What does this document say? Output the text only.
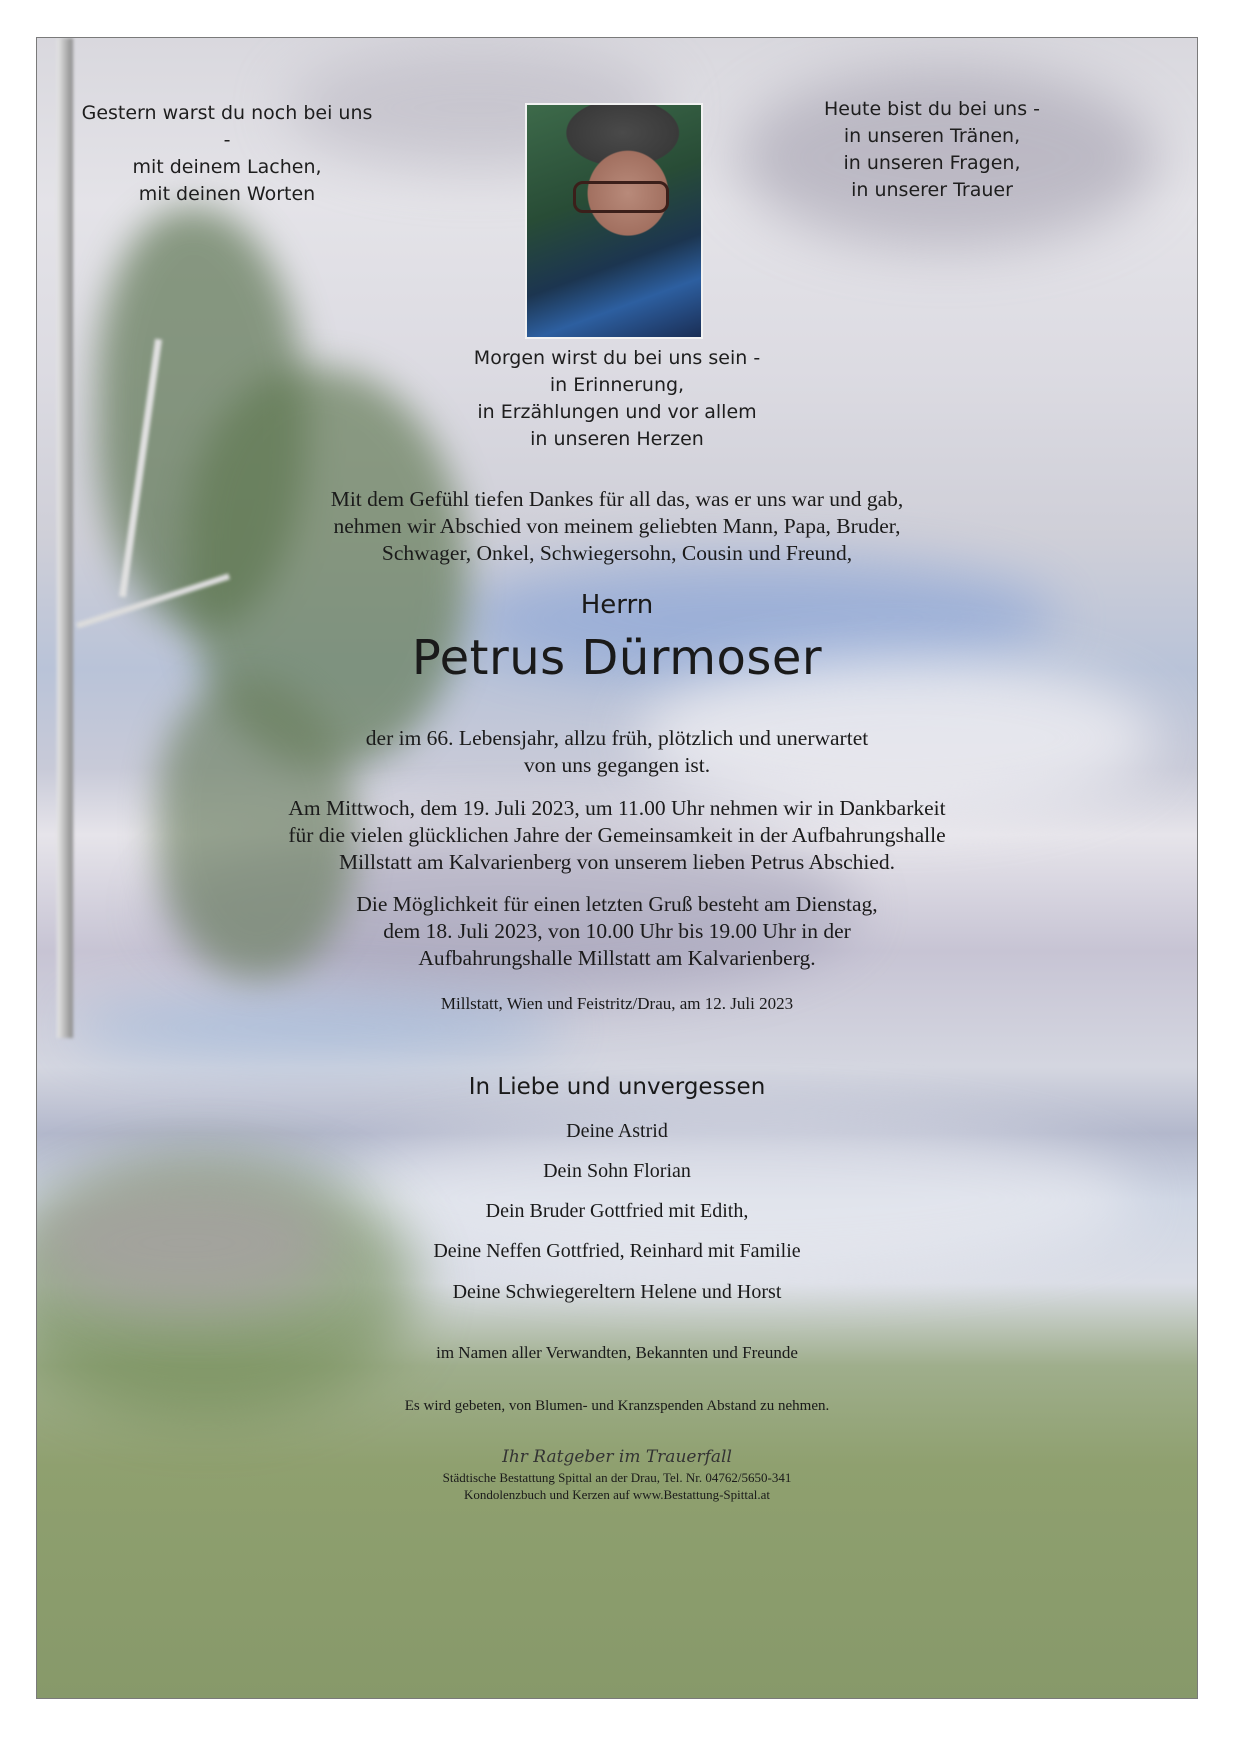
Gestern warst du noch bei uns -
mit deinem Lachen,
mit deinen Worten
Heute bist du bei uns -
in unseren Tränen,
in unseren Fragen,
in unserer Trauer
Morgen wirst du bei uns sein -
in Erinnerung,
in Erzählungen und vor allem
in unseren Herzen
Mit dem Gefühl tiefen Dankes für all das, was er uns war und gab,
nehmen wir Abschied von meinem geliebten Mann, Papa, Bruder,
Schwager, Onkel, Schwiegersohn, Cousin und Freund,
Herrn
Petrus Dürmoser
der im 66. Lebensjahr, allzu früh, plötzlich und unerwartet
von uns gegangen ist.
Am Mittwoch, dem 19. Juli 2023, um 11.00 Uhr nehmen wir in Dankbarkeit
für die vielen glücklichen Jahre der Gemeinsamkeit in der Aufbahrungshalle
Millstatt am Kalvarienberg von unserem lieben Petrus Abschied.
Die Möglichkeit für einen letzten Gruß besteht am Dienstag,
dem 18. Juli 2023, von 10.00 Uhr bis 19.00 Uhr in der
Aufbahrungshalle Millstatt am Kalvarienberg.
Millstatt, Wien und Feistritz/Drau, am 12. Juli 2023
In Liebe und unvergessen
Deine Astrid
Dein Sohn Florian
Dein Bruder Gottfried mit Edith,
Deine Neffen Gottfried, Reinhard mit Familie
Deine Schwiegereltern Helene und Horst
im Namen aller Verwandten, Bekannten und Freunde
Es wird gebeten, von Blumen- und Kranzspenden Abstand zu nehmen.
Ihr Ratgeber im Trauerfall
Städtische Bestattung Spittal an der Drau, Tel. Nr. 04762/5650-341
Kondolenzbuch und Kerzen auf www.Bestattung-Spittal.at
